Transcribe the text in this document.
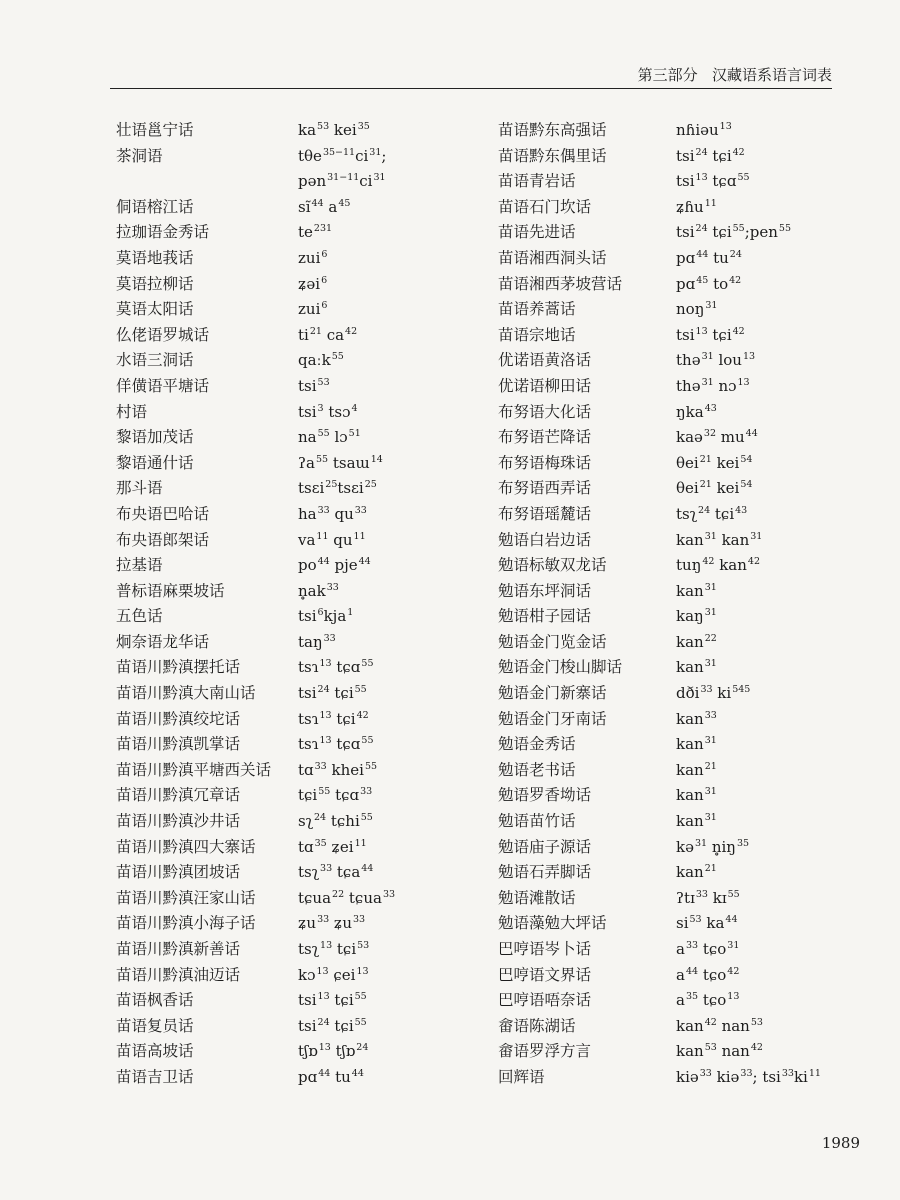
第三部分 汉藏语系语言词表
壮语邕宁话	$ka^{53}$ kei$^{35}$
茶洞语	$t\theta e^{35-11}ci^{31}$;
$pən^{31-11}ci^{31}$
侗语榕江话	$sĩ^{44}$ $a^{45}$
拉珈语金秀话	$te^{231}$
莫语地莪话	zui$^6$
莫语拉柳话	ʑəi$^6$
莫语太阳话	zui$^6$
仫佬语罗城话	$ti^{21}$ $ca^{42}$
水语三洞话	qaːk$^{55}$
佯僙语平塘话	tsi$^{53}$
村语	tsi$^3$ tsɔ$^4$
黎语加茂话	$na^{55}$ lɔ$^{51}$
黎语通什话	ʔa$^{55}$ tsaɯ$^{14}$
那斗语	tsɛi$^{25}$tsɛi$^{25}$
布央语巴哈话	$ha^{33}$ $qu^{33}$
布央语郎架话	$va^{11}$ $qu^{11}$
拉基语	$po^{44}$ pje$^{44}$
普标语麻栗坡话	$n̥ak^{33}$
五色话	tsi$^6$kja$^1$
炯奈语龙华话	taŋ$^{33}$
苗语川黔滇摆托话	tsɿ$^{13}$ tɕɑ$^{55}$
苗语川黔滇大南山话	tsi$^{24}$ tɕi$^{55}$
苗语川黔滇绞坨话	tsɿ$^{13}$ tɕi$^{42}$
苗语川黔滇凯掌话	tsɿ$^{13}$ tɕɑ$^{55}$
苗语川黔滇平塘西关话 tɑ$^{33}$ khei$^{55}$
苗语川黔滇冗章话	tɕi$^{55}$ tɕɑ$^{33}$
苗语川黔滇沙井话	sʅ$^{24}$ tɕhi$^{55}$
苗语川黔滇四大寨话	tɑ$^{35}$ ʑei$^{11}$
苗语川黔滇团坡话	tsʅ$^{33}$ tɕa$^{44}$
苗语川黔滇汪家山话	tɕua$^{22}$ tɕua$^{33}$
苗语川黔滇小海子话	ʑu$^{33}$ ʑu$^{33}$
苗语川黔滇新善话	tsʅ$^{13}$ tɕi$^{53}$
苗语川黔滇油迈话	kɔ$^{13}$ ɕei$^{13}$
苗语枫香话	tsi$^{13}$ tɕi$^{55}$
苗语复员话	tsi$^{24}$ tɕi$^{55}$
苗语高坡话	tʃɒ$^{13}$ tʃɒ$^{24}$
苗语吉卫话	pɑ$^{44}$ $tu^{44}$
苗语黔东高强话	nɦiəu$^{13}$
苗语黔东偶里话	tsi$^{24}$ tɕi$^{42}$
苗语青岩话	tsi$^{13}$ tɕɑ$^{55}$
苗语石门坎话	ʑɦu$^{11}$
苗语先进话	tsi$^{24}$ tɕi$^{55}$;pen$^{55}$
苗语湘西洞头话	pɑ$^{44}$ $tu^{24}$
苗语湘西茅坡营话	pɑ$^{45}$ $to^{42}$
苗语养蒿话	noŋ$^{31}$
苗语宗地话	tsi$^{13}$ tɕi$^{42}$
优诺语黄洛话	thə$^{31}$ lou$^{13}$
优诺语柳田话	thə$^{31}$ nɔ$^{13}$
布努语大化话	ŋka$^{43}$
布努语芒降话	kaə$^{32}$ $mu^{44}$
布努语梅珠话	θei$^{21}$ kei$^{54}$
布努语西弄话	θei$^{21}$ kei$^{54}$
布努语瑶麓话	tsʅ$^{24}$ tɕi$^{43}$
勉语白岩边话	kan$^{31}$ kan$^{31}$
勉语标敏双龙话	tuŋ$^{42}$ kan$^{42}$
勉语东坪洞话	kan$^{31}$
勉语柑子园话	kaŋ$^{31}$
勉语金门览金话	kan$^{22}$
勉语金门梭山脚话	kan$^{31}$
勉语金门新寨话	dði$^{33}$ $ki^{545}$
勉语金门牙南话	kan$^{33}$
勉语金秀话	kan$^{31}$
勉语老书话	kan$^{21}$
勉语罗香坳话	kan$^{31}$
勉语苗竹话	kan$^{31}$
勉语庙子源话	kə$^{31}$ $n̥iŋ^{35}$
勉语石弄脚话	kan$^{21}$
勉语滩散话	ʔtɪ$^{33}$ kɪ$^{55}$
勉语藻勉大坪话	$si^{53}$ $ka^{44}$
巴哼语岑卜话	$a^{33}$ tɕo$^{31}$
巴哼语文界话	$a^{44}$ tɕo$^{42}$
巴哼语唔奈话	$a^{35}$ tɕo$^{13}$
畲语陈湖话	kan$^{42}$ nan$^{53}$
畲语罗浮方言	kan$^{53}$ nan$^{42}$
回辉语	kiə$^{33}$ kiə$^{33}$; $tsi^{33}ki^{11}$
1989
